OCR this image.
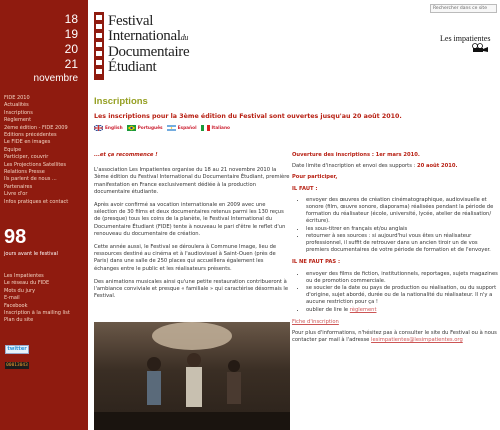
18
19
20
21
novembre
FIDE 2010
Actualités
Inscriptions
Règlement
2ème édition - FIDE 2009
Éditions précédentes
Le FIDE en images
Équipe
Participer, couvrir
Les Projections Satellites
Relations Presse
Ils parlent de nous ...
Partenaires
Livre d'or
Infos pratiques et contact
98
jours avant le festival
Les Impatientes
Le réseau du FIDE
Mots du jury
E-mail
Facebook
Inscription à la mailing list
Plan du site
twitter
00013043
Festival
Internationaldu
Documentaire
Étudiant
Rechercher dans ce site
Les impatientes
Inscriptions
Les inscriptions pour la 3ème édition du Festival sont ouvertes jusqu'au 20 août 2010.
English	Português	Español	Italiano

...et ça recommence !

L'association Les Impatientes organise du 18 au 21 novembre 2010 la 3ème édition du Festival International du Documentaire Étudiant, première manifestation en France exclusivement dédiée à la production documentaire étudiante.

Après avoir confirmé sa vocation internationale en 2009 avec une sélection de 30 films et deux documentaires retenus parmi les 130 reçus de (presque) tous les coins de la planète, le Festival International du Documentaire Étudiant (FIDE) tente à nouveau le pari d'être le reflet d'un renouveau du documentaire de création.

Cette année aussi, le Festival se déroulera à Commune Image, lieu de ressources destiné au cinéma et à l'audiovisuel à Saint-Ouen (près de Paris) dans une salle de 250 places qui accueillera également les échanges entre le public et les réalisateurs présents.

Des animations musicales ainsi qu'une petite restauration contribueront à l'ambiance conviviale et presque « familiale » qui caractérise désormais le Festival.

Ouverture des inscriptions : 1er mars 2010.

Date limite d'inscription et envoi des supports : 20 août 2010.

Pour participer,

IL FAUT :

• envoyer des œuvres de création cinématographique, audiovisuelle et sonore (film, œuvre sonore, diaporama) réalisées pendant la période de formation du réalisateur (école, université, lycée, atelier de réalisation/écriture).
• les sous-titrer en français et/ou anglais
• retourner à ses sources : si aujourd'hui vous êtes un réalisateur professionnel, il suffit de retrouver dans un ancien tiroir un de vos premiers documentaires de votre période de formation et de l'envoyer.

IL NE FAUT PAS :

• envoyer des films de fiction, institutionnels, reportages, sujets magazines ou de promotion commerciale.
• se soucier de la date ou pays de production ou réalisation, ou du support d'origine, sujet abordé, durée ou de la nationalité du réalisateur. Il n'y a aucune restriction pour ça !
• oublier de lire le règlement

Fiche d'inscription

Pour plus d'informations, n'hésitez pas à consulter le site du Festival ou à nous contacter par mail à l'adresse lesimpatientes@lesimpatientes.org
